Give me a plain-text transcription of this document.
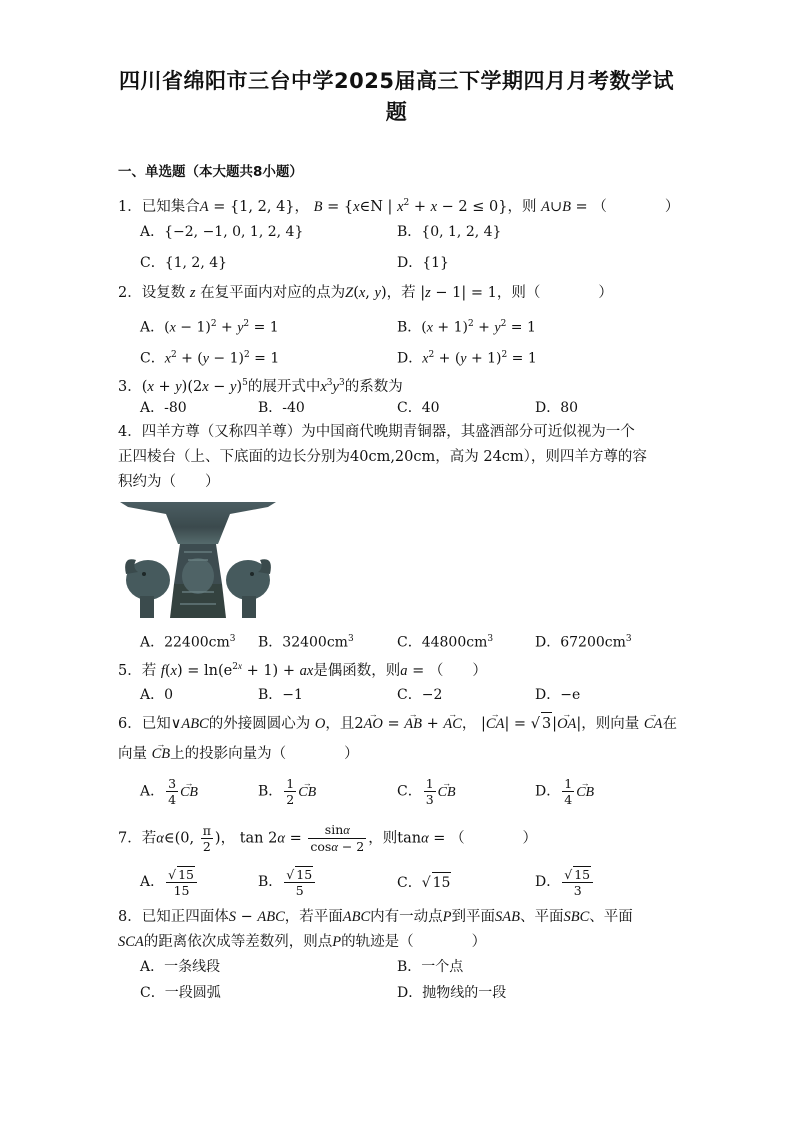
四川省绵阳市三台中学2025届高三下学期四月月考数学试
题
一、单选题（本大题共8小题）
1．已知集合A = {1, 2, 4}， B = {x∈N | $x^2 + x - 2 \le 0$}，则 A∪B = （　　　　）
A．{−2, −1, 0, 1, 2, 4}	B．{0, 1, 2, 4}
C．{1, 2, 4}	D．{1}
2．设复数 z 在复平面内对应的点为Z(x, y)，若 |z − 1| = 1，则（　　　　）
A．$(x - 1)^2 + y^2 = 1$	B．$(x + 1)^2 + y^2 = 1$
C．$x^2 + (y - 1)^2 = 1$	D．$x^2 + (y + 1)^2 = 1$
3．$(x + y)(2x - y)^5$的展开式中$x^3y^3$的系数为
A．-80	B．-40	C．40	D．80
4．四羊方尊（又称四羊尊）为中国商代晚期青铜器，其盛酒部分可近似视为一个
正四棱台（上、下底面的边长分别为40cm,20cm，高为 24cm），则四羊方尊的容
积约为（　　）
A．$22400cm^3$ B．$32400cm^3$	C．$44800cm^3$	D．$67200cm^3$
5．若 $f(x) = \ln(e^{2x} + 1)$ + ax是偶函数，则a = （　　）
A．0	B．−1	C．−2	D．−e
6．已知∨ABC的外接圆圆心为 O，且2→ AO = → AB + → AC， |→ CA| = √ 3|→ OA|，则向量 → CA在
向量 → CB上的投影向量为（　　　　）
A． $\frac{3}{4}$ → CB	B． $\frac{1}{2}$ → CB	C． $\frac{1}{3}$ → CB	D． $\frac{1}{4}$ → CB
7．若α∈(0, $\frac{\pi}{2}$ )， $\tan 2\alpha = \frac{\sin\alpha}{\cos\alpha - 2}$ ，则tanα = （　　　　）
A． $\frac{√ 15}{15}$	B． $\frac{√ 15}{5}$	C．√ 15	D． $\frac{√ 15}{3}$
8．已知正四面体S − ABC，若平面ABC内有一动点P到平面SAB、平面SBC、平面
SCA的距离依次成等差数列，则点P的轨迹是（　　　　）
A．一条线段	B．一个点
C．一段圆弧	D．抛物线的一段
